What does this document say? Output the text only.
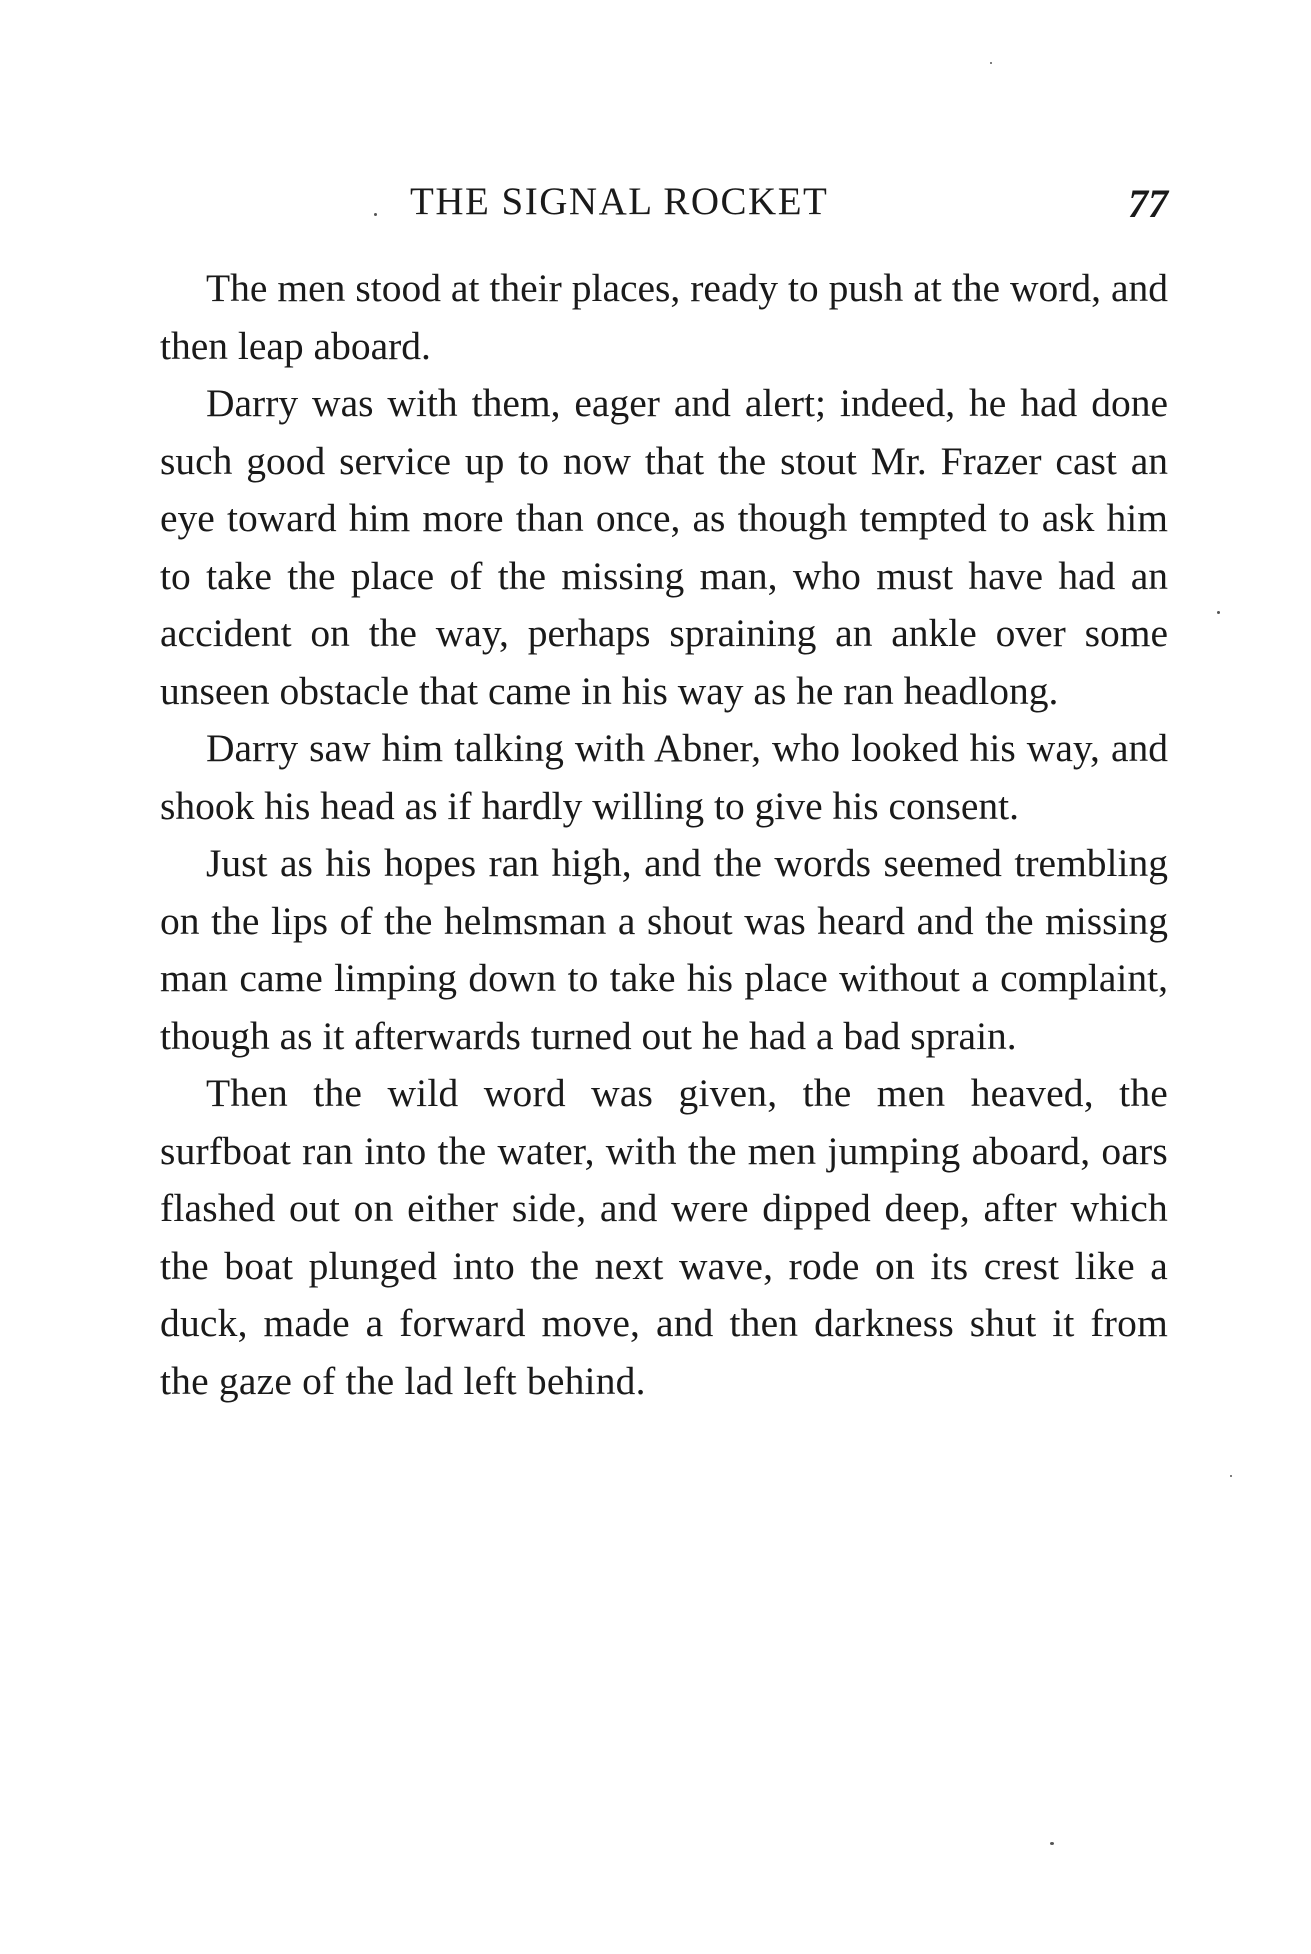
THE SIGNAL ROCKET	77

The men stood at their places, ready to push at the word, and then leap aboard.

Darry was with them, eager and alert; indeed, he had done such good service up to now that the stout Mr. Frazer cast an eye toward him more than once, as though tempted to ask him to take the place of the missing man, who must have had an accident on the way, perhaps spraining an ankle over some unseen obstacle that came in his way as he ran headlong.

Darry saw him talking with Abner, who looked his way, and shook his head as if hardly willing to give his consent.

Just as his hopes ran high, and the words seemed trembling on the lips of the helmsman a shout was heard and the missing man came limping down to take his place without a complaint, though as it afterwards turned out he had a bad sprain.

Then the wild word was given, the men heaved, the surfboat ran into the water, with the men jumping aboard, oars flashed out on either side, and were dipped deep, after which the boat plunged into the next wave, rode on its crest like a duck, made a forward move, and then darkness shut it from the gaze of the lad left behind.
